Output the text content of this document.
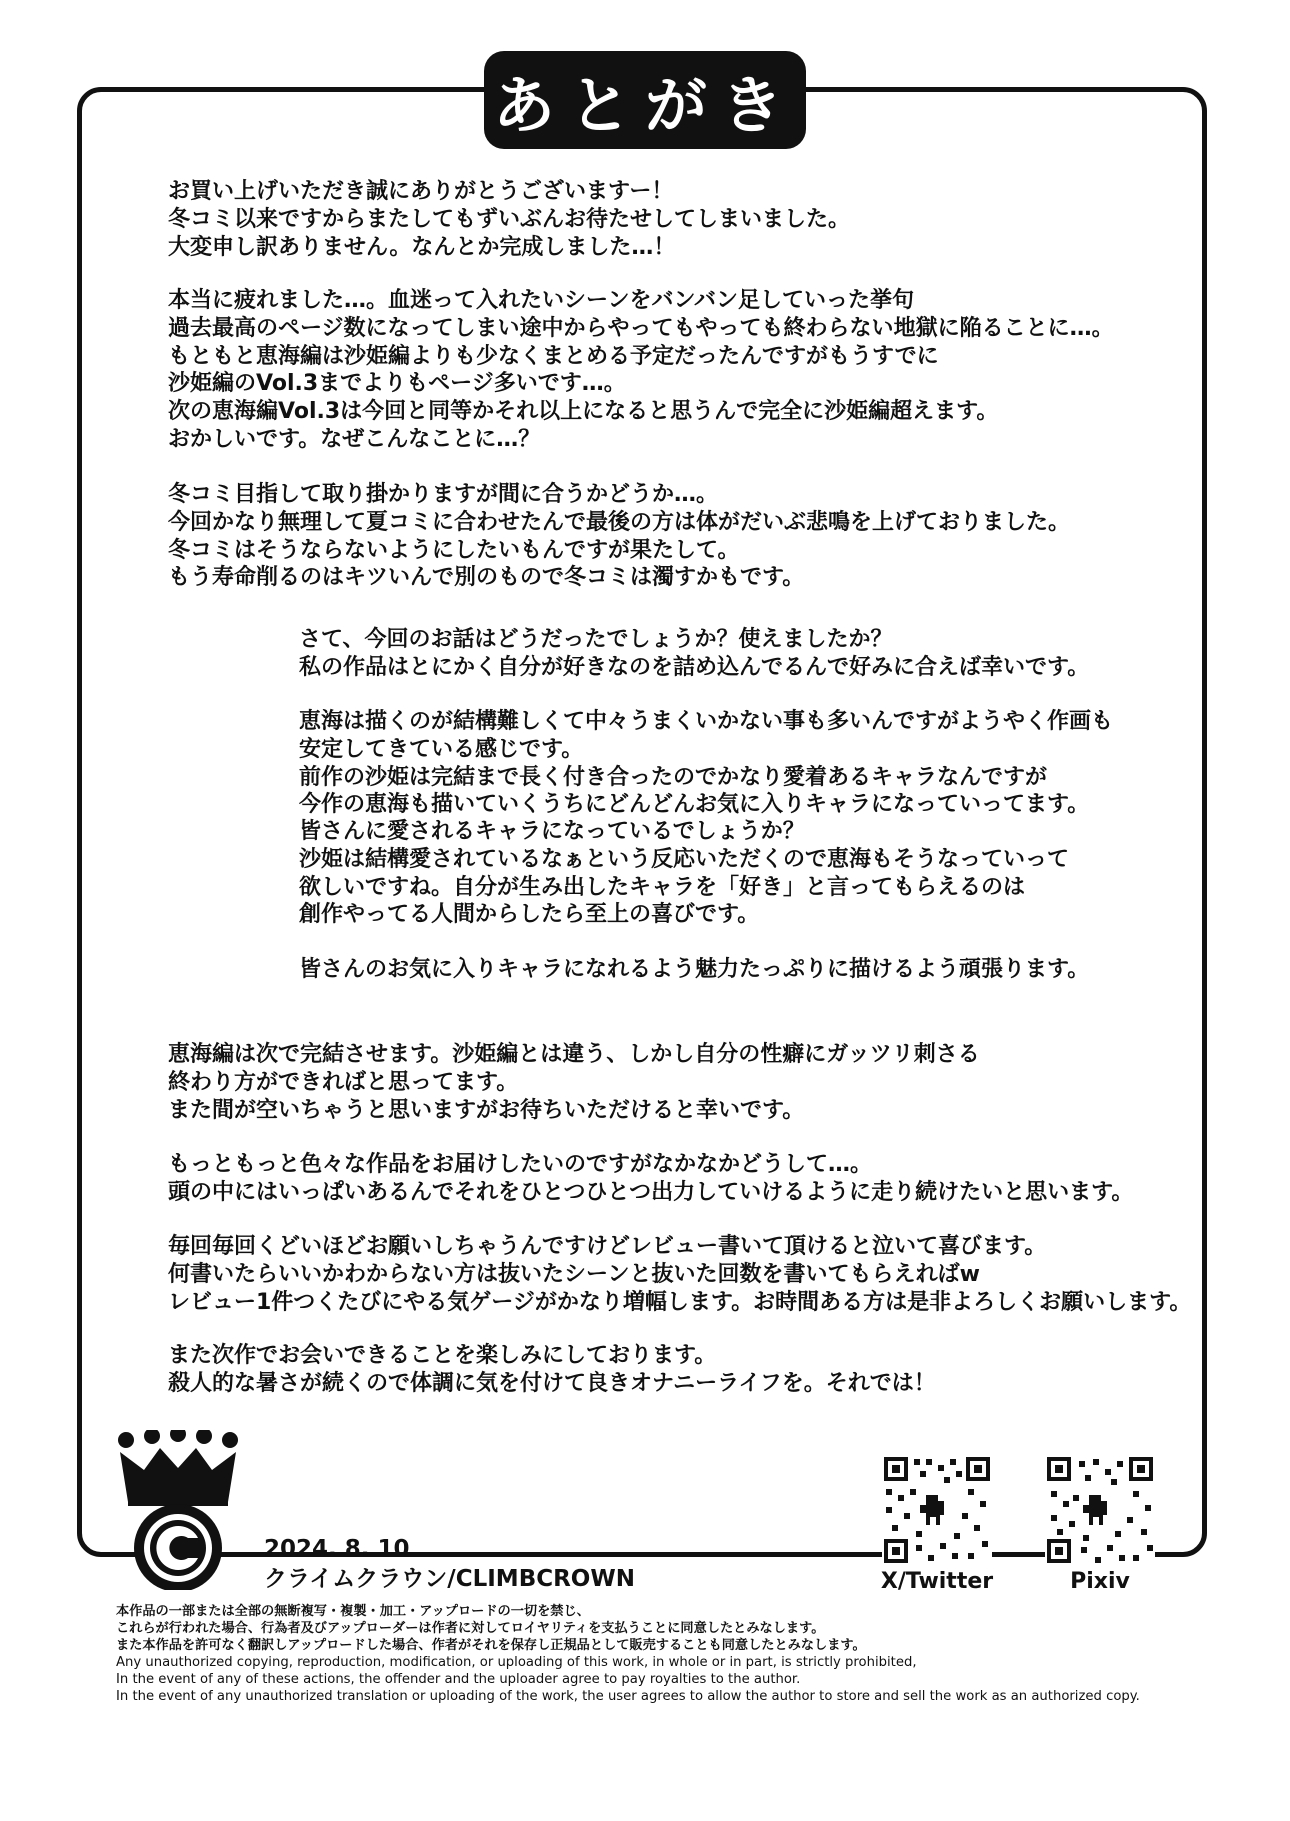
あとがき

お買い上げいただき誠にありがとうございますー！

冬コミ以来ですからまたしてもずいぶんお待たせしてしまいました。

大変申し訳ありません。なんとか完成しました…！

本当に疲れました…。血迷って入れたいシーンをバンバン足していった挙句

過去最高のページ数になってしまい途中からやってもやっても終わらない地獄に陥ることに…。

もともと恵海編は沙姫編よりも少なくまとめる予定だったんですがもうすでに

沙姫編のVol.3までよりもページ多いです…。

次の恵海編Vol.3は今回と同等かそれ以上になると思うんで完全に沙姫編超えます。

おかしいです。なぜこんなことに…？

冬コミ目指して取り掛かりますが間に合うかどうか…。

今回かなり無理して夏コミに合わせたんで最後の方は体がだいぶ悲鳴を上げておりました。

冬コミはそうならないようにしたいもんですが果たして。

もう寿命削るのはキツいんで別のもので冬コミは濁すかもです。

さて、今回のお話はどうだったでしょうか？使えましたか？

私の作品はとにかく自分が好きなのを詰め込んでるんで好みに合えば幸いです。

恵海は描くのが結構難しくて中々うまくいかない事も多いんですがようやく作画も

安定してきている感じです。

前作の沙姫は完結まで長く付き合ったのでかなり愛着あるキャラなんですが

今作の恵海も描いていくうちにどんどんお気に入りキャラになっていってます。

皆さんに愛されるキャラになっているでしょうか？

沙姫は結構愛されているなぁという反応いただくので恵海もそうなっていって

欲しいですね。自分が生み出したキャラを「好き」と言ってもらえるのは

創作やってる人間からしたら至上の喜びです。

皆さんのお気に入りキャラになれるよう魅力たっぷりに描けるよう頑張ります。

恵海編は次で完結させます。沙姫編とは違う、しかし自分の性癖にガッツリ刺さる

終わり方ができればと思ってます。

また間が空いちゃうと思いますがお待ちいただけると幸いです。

もっともっと色々な作品をお届けしたいのですがなかなかどうして…。

頭の中にはいっぱいあるんでそれをひとつひとつ出力していけるように走り続けたいと思います。

毎回毎回くどいほどお願いしちゃうんですけどレビュー書いて頂けると泣いて喜びます。

何書いたらいいかわからない方は抜いたシーンと抜いた回数を書いてもらえればw

レビュー1件つくたびにやる気ゲージがかなり増幅します。お時間ある方は是非よろしくお願いします。

また次作でお会いできることを楽しみにしております。

殺人的な暑さが続くので体調に気を付けて良きオナニーライフを。それでは！

2024. 8. 10
クライムクラウン/CLIMBCROWN	X/Twitter	Pixiv

本作品の一部または全部の無断複写・複製・加工・アップロードの一切を禁じ、

これらが行われた場合、行為者及びアップローダーは作者に対してロイヤリティを支払うことに同意したとみなします。

また本作品を許可なく翻訳しアップロードした場合、作者がそれを保存し正規品として販売することも同意したとみなします。

Any unauthorized copying, reproduction, modification, or uploading of this work, in whole or in part, is strictly prohibited,

In the event of any of these actions, the offender and the uploader agree to pay royalties to the author.

In the event of any unauthorized translation or uploading of the work, the user agrees to allow the author to store and sell the work as an authorized copy.
